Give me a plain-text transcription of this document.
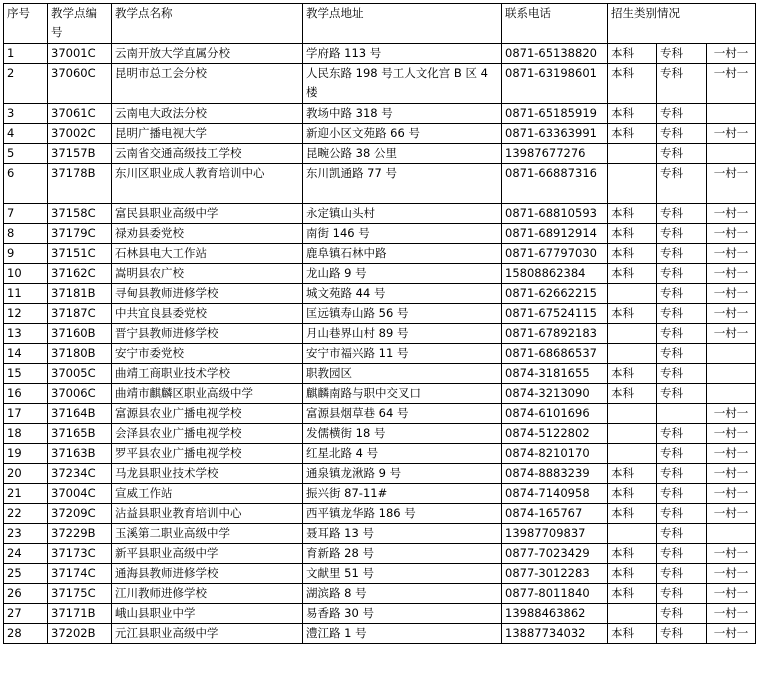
序号	教学点编号	教学点名称	教学点地址	联系电话	招生类别情况		
1	37001C	云南开放大学直属分校	学府路 113 号	0871-65138820	本科	专科	一村一
2	37060C	昆明市总工会分校	人民东路 198 号工人文化宫 B 区 4 楼	0871-63198601	本科	专科	一村一
3	37061C	云南电大政法分校	教场中路 318 号	0871-65185919	本科	专科	
4	37002C	昆明广播电视大学	新迎小区文苑路 66 号	0871-63363991	本科	专科	一村一
5	37157B	云南省交通高级技工学校	昆畹公路 38 公里	13987677276		专科	
6	37178B	东川区职业成人教育培训中心	东川凯通路 77 号	0871-66887316		专科	一村一
7	37158C	富民县职业高级中学	永定镇山头村	0871-68810593	本科	专科	一村一
8	37179C	禄劝县委党校	南街 146 号	0871-68912914	本科	专科	一村一
9	37151C	石林县电大工作站	鹿阜镇石林中路	0871-67797030	本科	专科	一村一
10	37162C	嵩明县农广校	龙山路 9 号	15808862384	本科	专科	一村一
11	37181B	寻甸县教师进修学校	城文苑路 44 号	0871-62662215		专科	一村一
12	37187C	中共宜良县委党校	匡远镇寿山路 56 号	0871-67524115	本科	专科	一村一
13	37160B	晋宁县教师进修学校	月山巷界山村 89 号	0871-67892183		专科	一村一
14	37180B	安宁市委党校	安宁市福兴路 11 号	0871-68686537		专科	
15	37005C	曲靖工商职业技术学校	职教园区	0874-3181655	本科	专科	
16	37006C	曲靖市麒麟区职业高级中学	麒麟南路与职中交叉口	0874-3213090	本科	专科	
17	37164B	富源县农业广播电视学校	富源县烟草巷 64 号	0874-6101696			一村一
18	37165B	会泽县农业广播电视学校	发儒横街 18 号	0874-5122802		专科	一村一
19	37163B	罗平县农业广播电视学校	红星北路 4 号	0874-8210170		专科	一村一
20	37234C	马龙县职业技术学校	通泉镇龙湫路 9 号	0874-8883239	本科	专科	一村一
21	37004C	宣威工作站	振兴街 87-11#	0874-7140958	本科	专科	一村一
22	37209C	沾益县职业教育培训中心	西平镇龙华路 186 号	0874-165767	本科	专科	一村一
23	37229B	玉溪第二职业高级中学	聂耳路 13 号	13987709837		专科	
24	37173C	新平县职业高级中学	育新路 28 号	0877-7023429	本科	专科	一村一
25	37174C	通海县教师进修学校	文献里 51 号	0877-3012283	本科	专科	一村一
26	37175C	江川教师进修学校	湖滨路 8 号	0877-8011840	本科	专科	一村一
27	37171B	峨山县职业中学	易香路 30 号	13988463862		专科	一村一
28	37202B	元江县职业高级中学	澧江路 1 号	13887734032	本科	专科	一村一
